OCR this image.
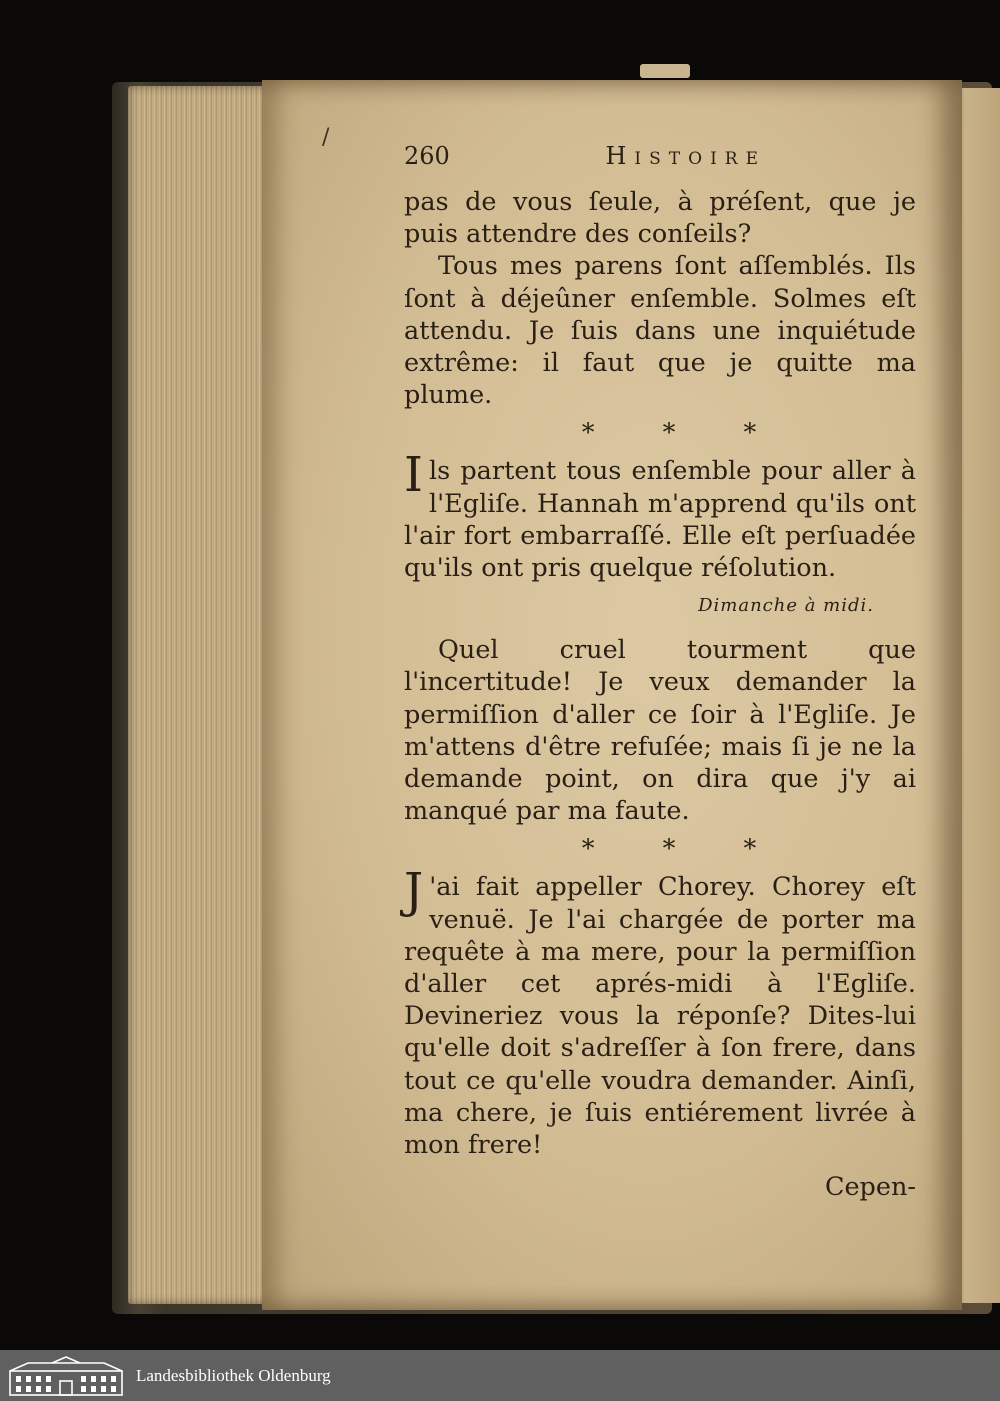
/
260	Histoire

pas de vous ſeule, à préſent, que je puis attendre des conſeils?

Tous mes parens ſont aſſemblés. Ils ſont à déjeûner enſemble. Solmes eſt attendu. Je ſuis dans une inquiétude extrême: il faut que je quitte ma plume.

*	*	*

Ils partent tous enſemble pour aller à l'Egliſe. Hannah m'apprend qu'ils ont l'air fort embarraſſé. Elle eſt perſuadée qu'ils ont pris quelque réſolution.

Dimanche à midi.

Quel cruel tourment que l'incertitude! Je veux demander la permiſſion d'aller ce ſoir à l'Egliſe. Je m'attens d'être refuſée; mais ſi je ne la demande point, on dira que j'y ai manqué par ma faute.

*	*	*

J 'ai fait appeller Chorey. Chorey eſt venuë. Je l'ai chargée de porter ma requête à ma mere, pour la permiſſion d'aller cet aprés-midi à l'Egliſe. Devineriez vous la réponſe? Dites-lui qu'elle doit s'adreſſer à ſon frere, dans tout ce qu'elle voudra demander. Ainſi, ma chere, je ſuis entiérement livrée à mon frere!

Cepen-
Landesbibliothek Oldenburg
